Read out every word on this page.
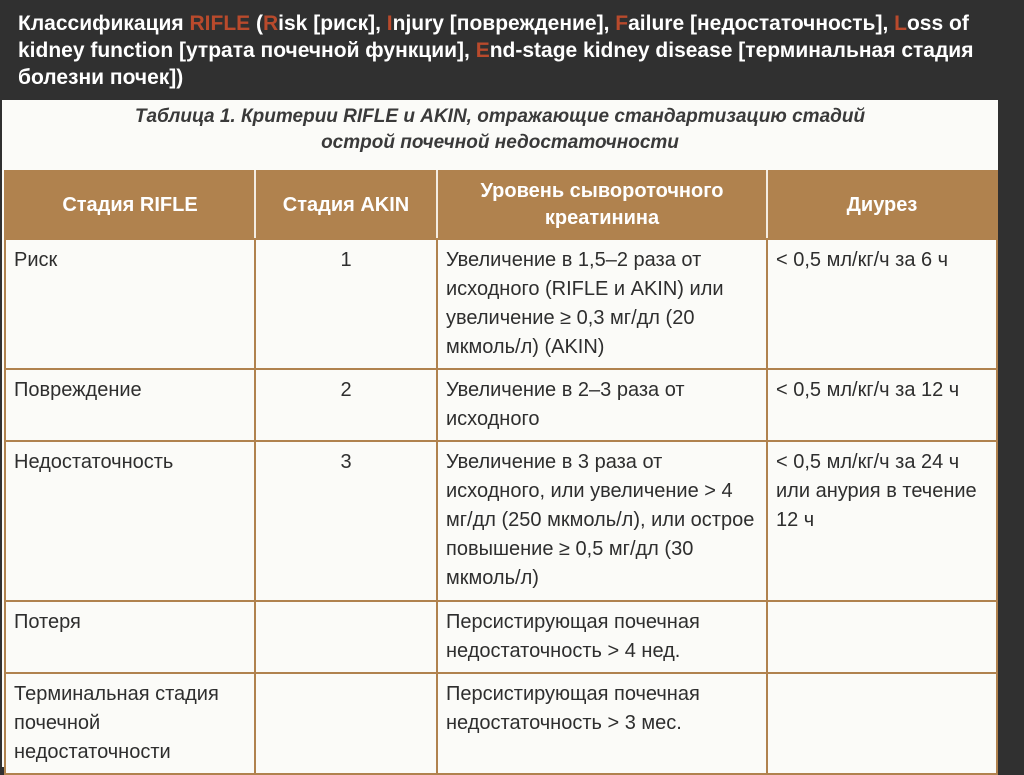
Классификация RIFLE (Risk [риск], Injury [повреждение], Failure [недостаточность], Loss of kidney function [утрата почечной функции], End-stage kidney disease [терминальная стадия болезни почек])
Таблица 1. Критерии RIFLE и AKIN, отражающие стандартизацию стадий
острой почечной недостаточности
Стадия RIFLE	Стадия AKIN	Уровень сывороточного креатинина	Диурез
Риск	1	Увеличение в 1,5–2 раза от исходного (RIFLE и AKIN) или увеличение ≥ 0,3 мг/дл (20 мкмоль/л) (AKIN)	< 0,5 мл/кг/ч за 6 ч
Повреждение	2	Увеличение в 2–3 раза от исходного	< 0,5 мл/кг/ч за 12 ч
Недостаточность	3	Увеличение в 3 раза от исходного, или увеличение > 4 мг/дл (250 мкмоль/л), или острое повышение ≥ 0,5 мг/дл (30 мкмоль/л)	< 0,5 мл/кг/ч за 24 ч или анурия в течение 12 ч
Потеря		Персистирующая почечная недостаточность > 4 нед.	
Терминальная стадия почечной недостаточности		Персистирующая почечная недостаточность > 3 мес.	
